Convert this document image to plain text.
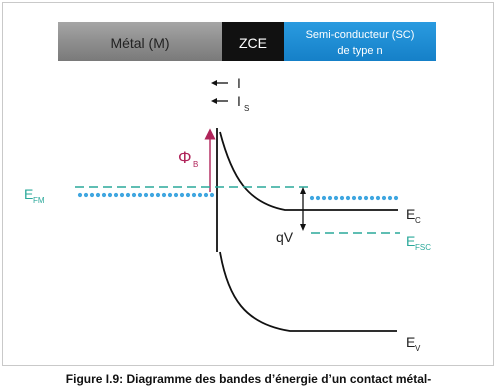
Métal (M)	ZCE	Semi-conducteur (SC)
de type n
I
I S
Φ B
E FM
qV
E C
E FSC
E V
Figure I.9: Diagramme des bandes d’énergie d’un contact métal-
